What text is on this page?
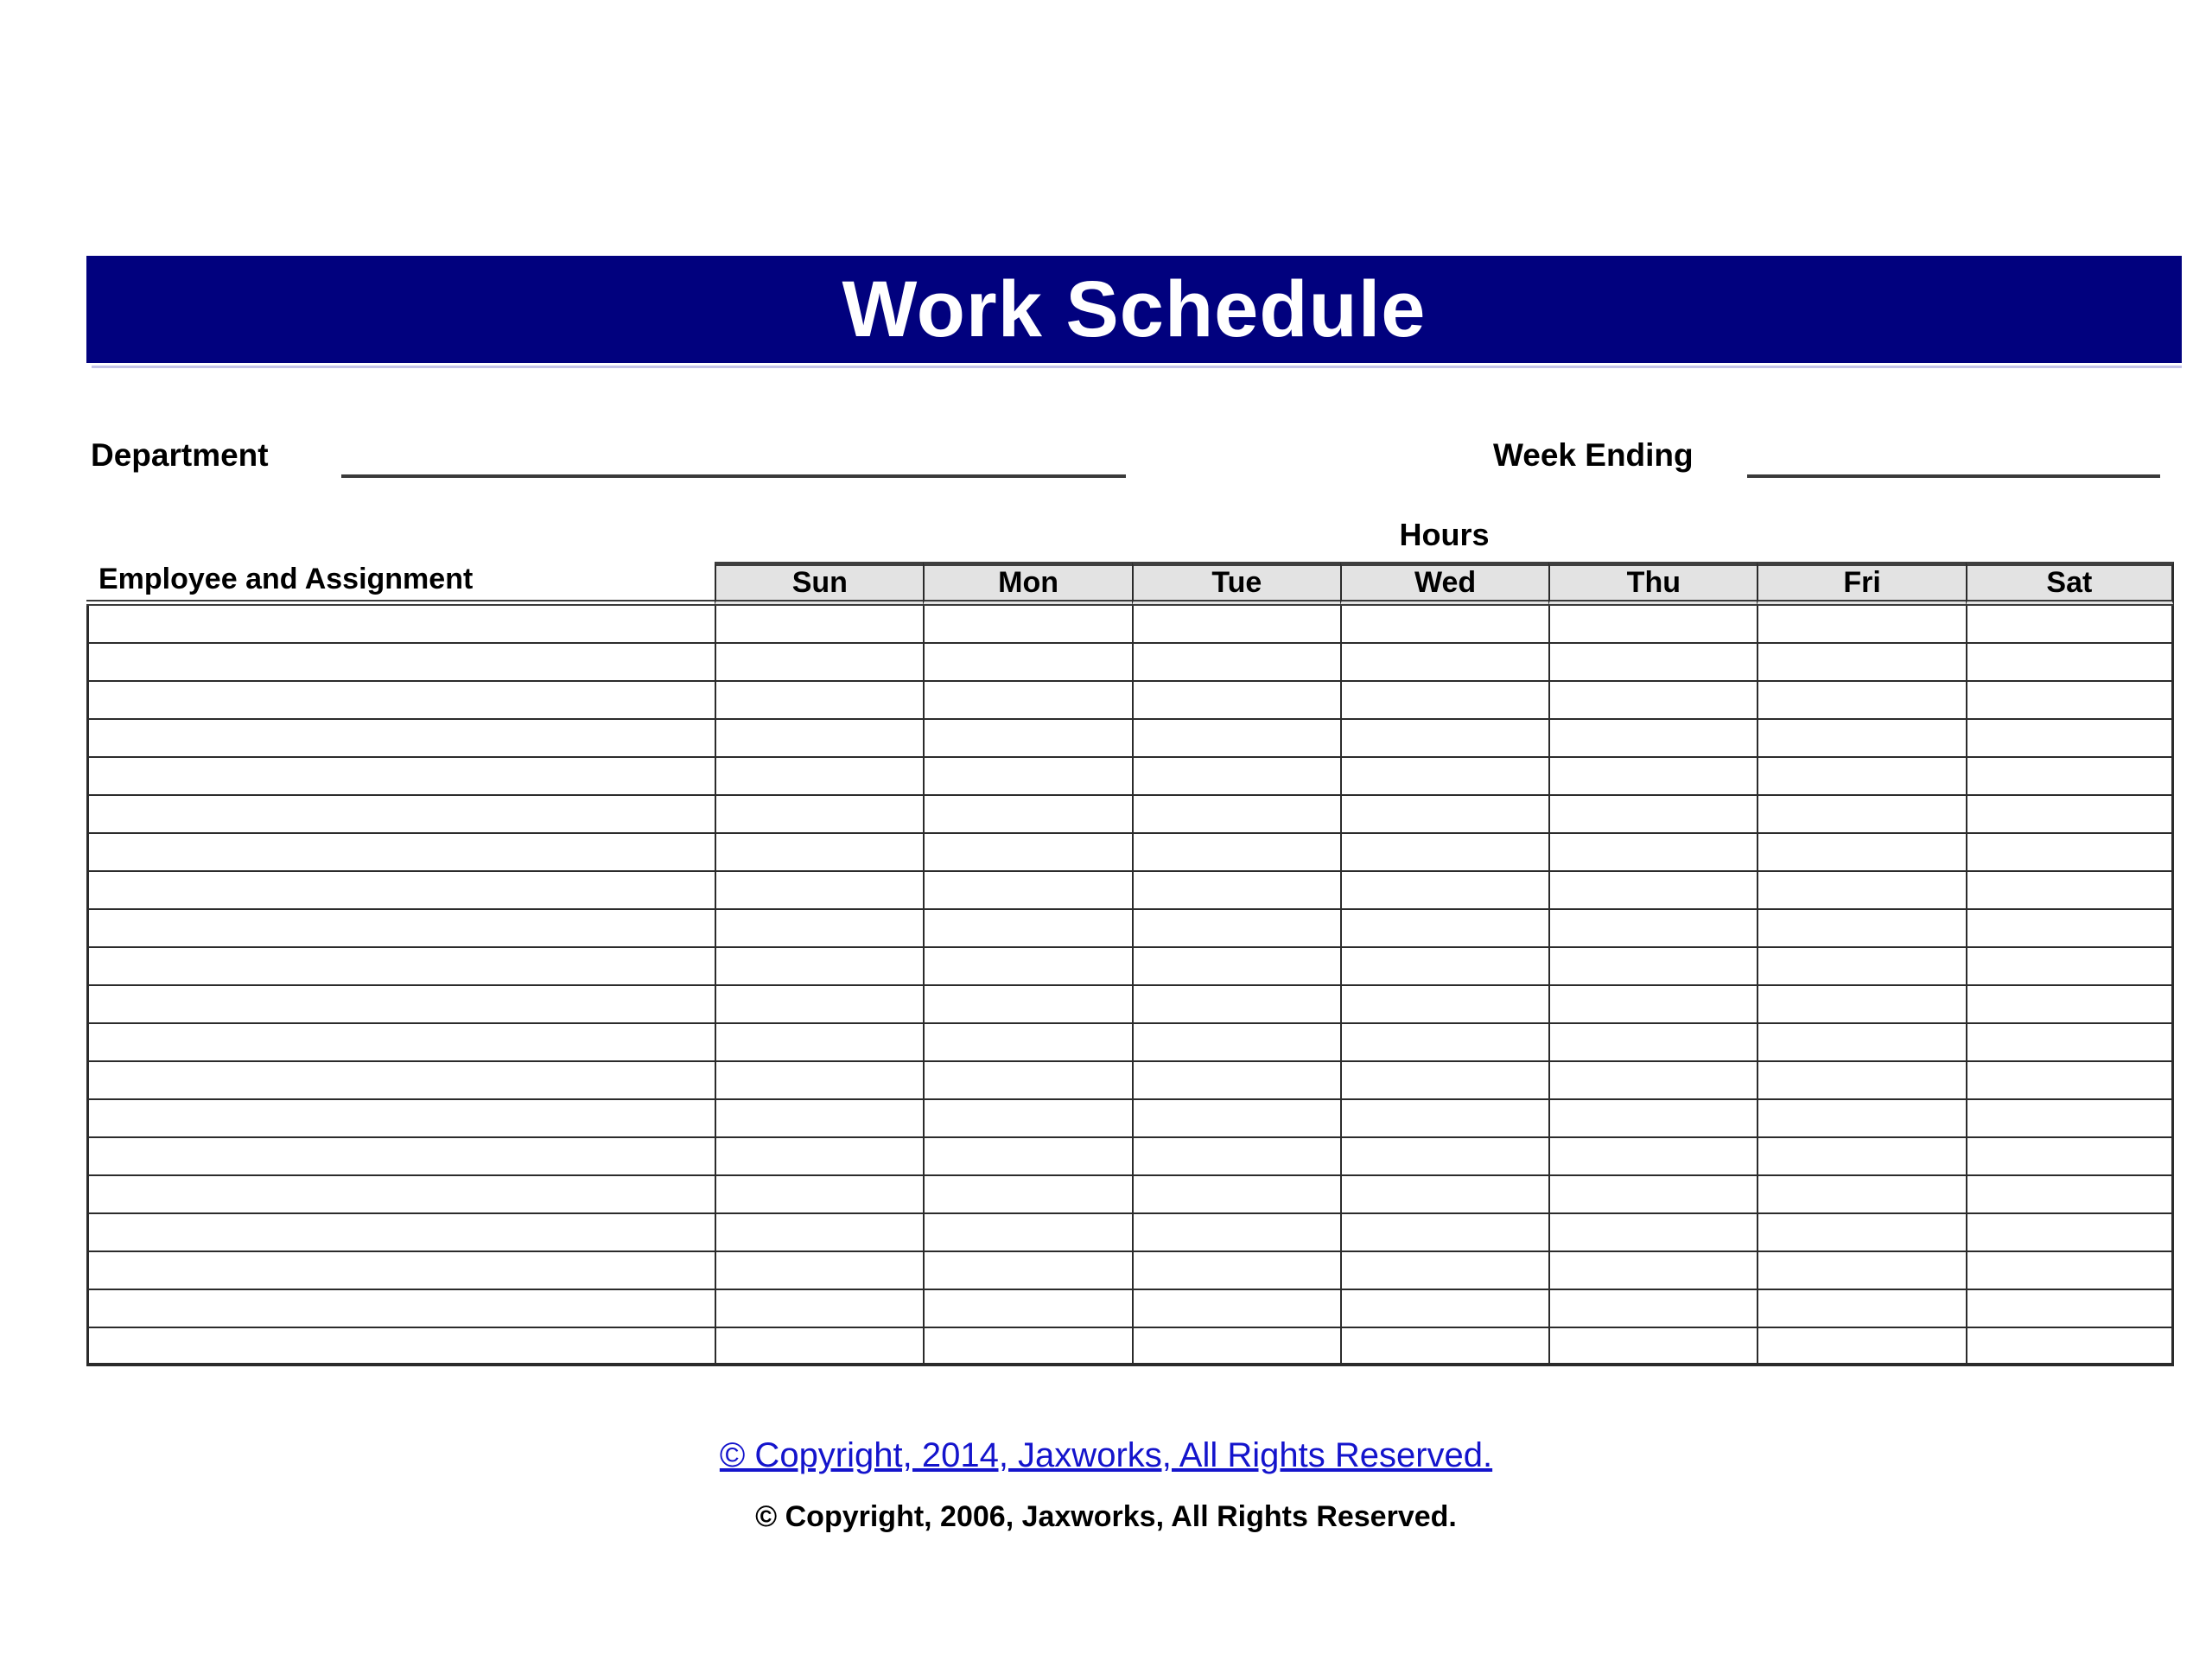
Work Schedule
Department	Week Ending
Hours
Employee and Assignment	Sun	Mon	Tue	Wed	Thu	Fri	Sat

© Copyright, 2014, Jaxworks, All Rights Reserved.
© Copyright, 2006, Jaxworks, All Rights Reserved.
